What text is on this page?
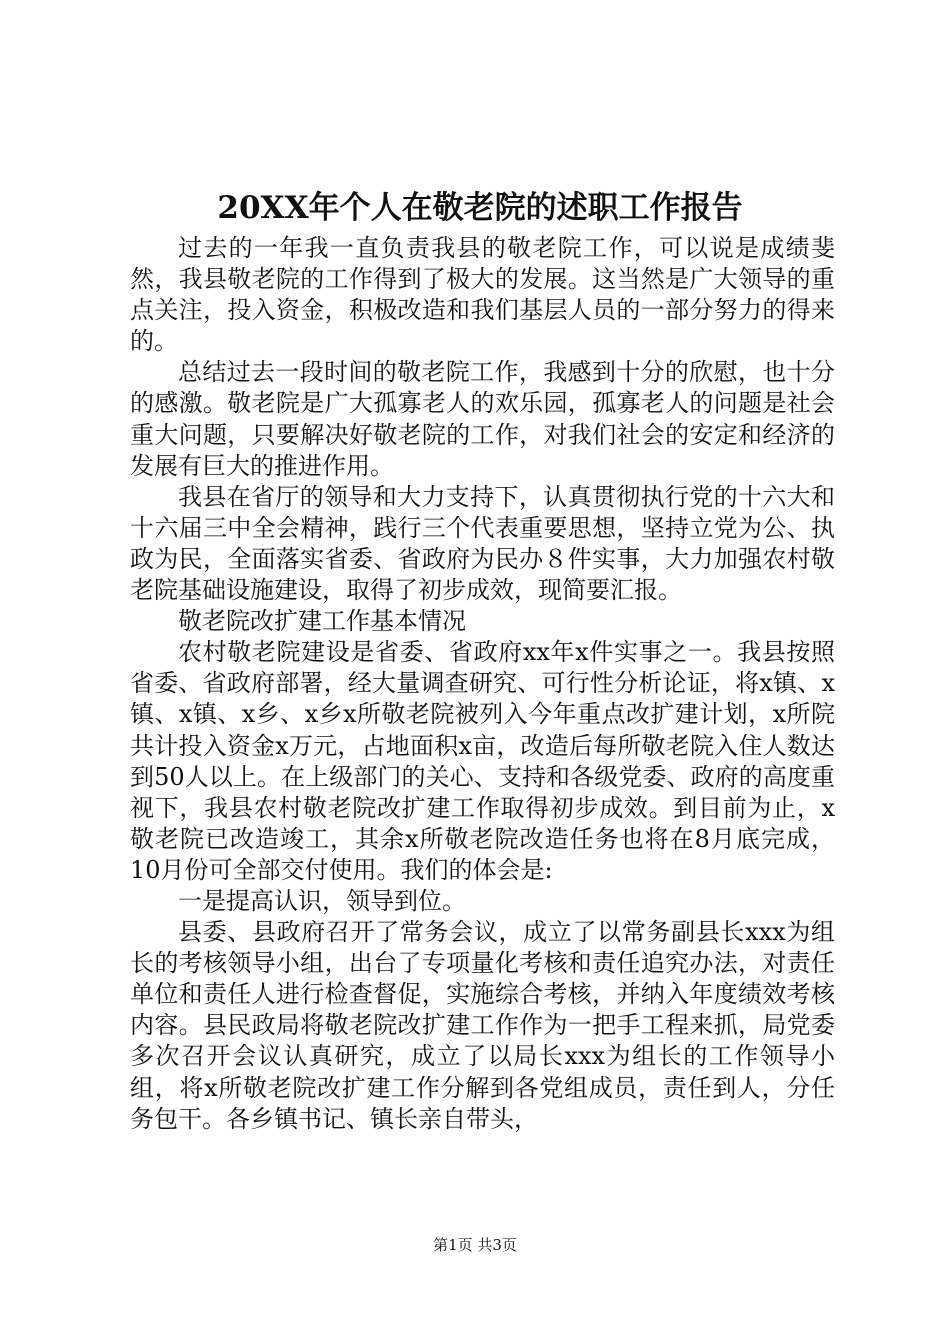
20XX年个人在敬老院的述职工作报告

过去的一年我一直负责我县的敬老院工作，可以说是成绩斐然，我县敬老院的工作得到了极大的发展。这当然是广大领导的重点关注，投入资金，积极改造和我们基层人员的一部分努力的得来的。

总结过去一段时间的敬老院工作，我感到十分的欣慰，也十分的感激。敬老院是广大孤寡老人的欢乐园，孤寡老人的问题是社会重大问题，只要解决好敬老院的工作，对我们社会的安定和经济的发展有巨大的推进作用。

我县在省厅的领导和大力支持下，认真贯彻执行党的十六大和十六届三中全会精神，践行三个代表重要思想，坚持立党为公、执政为民，全面落实省委、省政府为民办８件实事，大力加强农村敬老院基础设施建设，取得了初步成效，现简要汇报。

敬老院改扩建工作基本情况

农村敬老院建设是省委、省政府xx年x件实事之一。我县按照省委、省政府部署，经大量调查研究、可行性分析论证，将x镇、x镇、x镇、x乡、x乡x所敬老院被列入今年重点改扩建计划，x所院共计投入资金x万元，占地面积x亩，改造后每所敬老院入住人数达到50人以上。在上级部门的关心、支持和各级党委、政府的高度重视下，我县农村敬老院改扩建工作取得初步成效。到目前为止，x敬老院已改造竣工，其余x所敬老院改造任务也将在8月底完成，10月份可全部交付使用。我们的体会是:

一是提高认识，领导到位。

县委、县政府召开了常务会议，成立了以常务副县长xxx为组长的考核领导小组，出台了专项量化考核和责任追究办法，对责任单位和责任人进行检查督促，实施综合考核，并纳入年度绩效考核内容。县民政局将敬老院改扩建工作作为一把手工程来抓，局党委多次召开会议认真研究，成立了以局长xxx为组长的工作领导小组，将x所敬老院改扩建工作分解到各党组成员，责任到人，分任务包干。各乡镇书记、镇长亲自带头，

第1页 共3页
